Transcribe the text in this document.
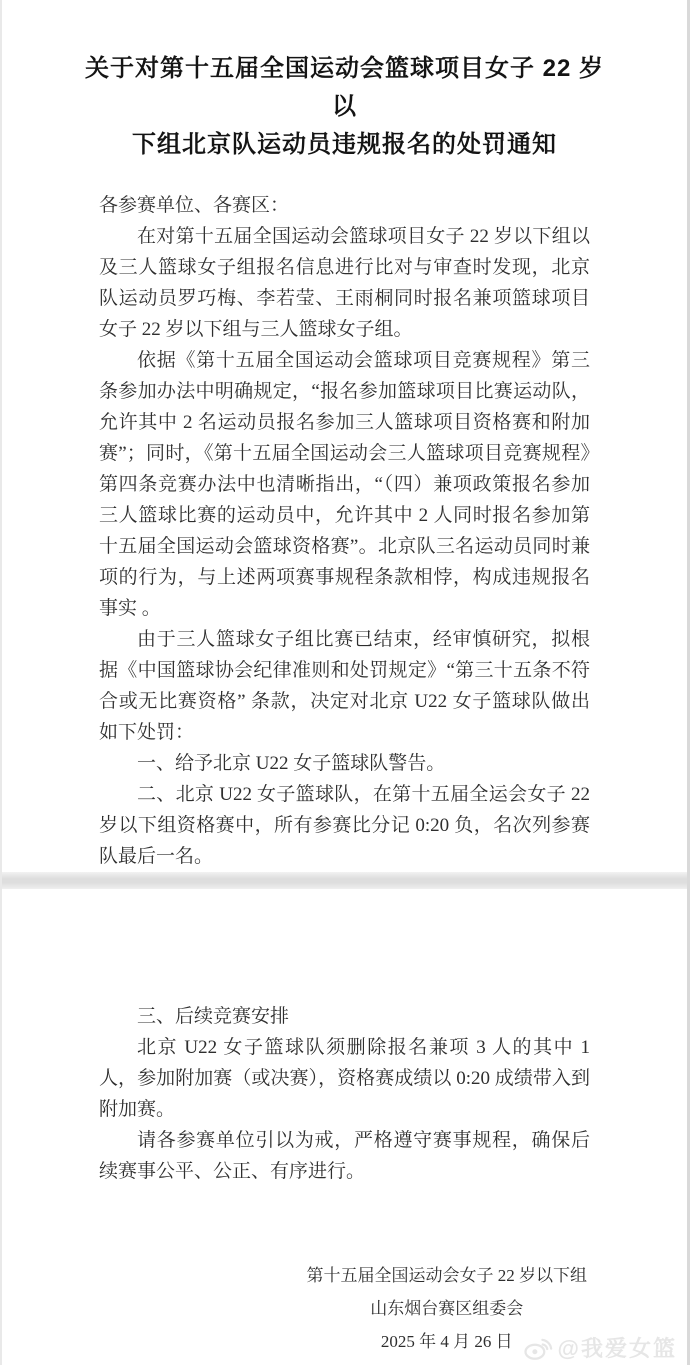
关于对第十五届全国运动会篮球项目女子 22 岁以
下组北京队运动员违规报名的处罚通知

各参赛单位、各赛区：

在对第十五届全国运动会篮球项目女子 22 岁以下组以及三人篮球女子组报名信息进行比对与审查时发现，北京队运动员罗巧梅、李若莹、王雨桐同时报名兼项篮球项目女子 22 岁以下组与三人篮球女子组。

依据《第十五届全国运动会篮球项目竞赛规程》第三条参加办法中明确规定，“报名参加篮球项目比赛运动队，允许其中 2 名运动员报名参加三人篮球项目资格赛和附加赛”；同时，《第十五届全国运动会三人篮球项目竞赛规程》第四条竞赛办法中也清晰指出，“（四）兼项政策报名参加三人篮球比赛的运动员中，允许其中 2 人同时报名参加第十五届全国运动会篮球资格赛”。北京队三名运动员同时兼项的行为，与上述两项赛事规程条款相悖，构成违规报名事实 。

由于三人篮球女子组比赛已结束，经审慎研究，拟根据《中国篮球协会纪律准则和处罚规定》“第三十五条不符合或无比赛资格” 条款，决定对北京 U22 女子篮球队做出如下处罚：

一、给予北京 U22 女子篮球队警告。

二、北京 U22 女子篮球队，在第十五届全运会女子 22 岁以下组资格赛中，所有参赛比分记 0:20 负，名次列参赛队最后一名。

三、后续竞赛安排

北京 U22 女子篮球队须删除报名兼项 3 人的其中 1 人，参加附加赛（或决赛），资格赛成绩以 0:20 成绩带入到附加赛。

请各参赛单位引以为戒，严格遵守赛事规程，确保后续赛事公平、公正、有序进行。

第十五届全国运动会女子 22 岁以下组
山东烟台赛区组委会
2025 年 4 月 26 日	@我爱女篮
